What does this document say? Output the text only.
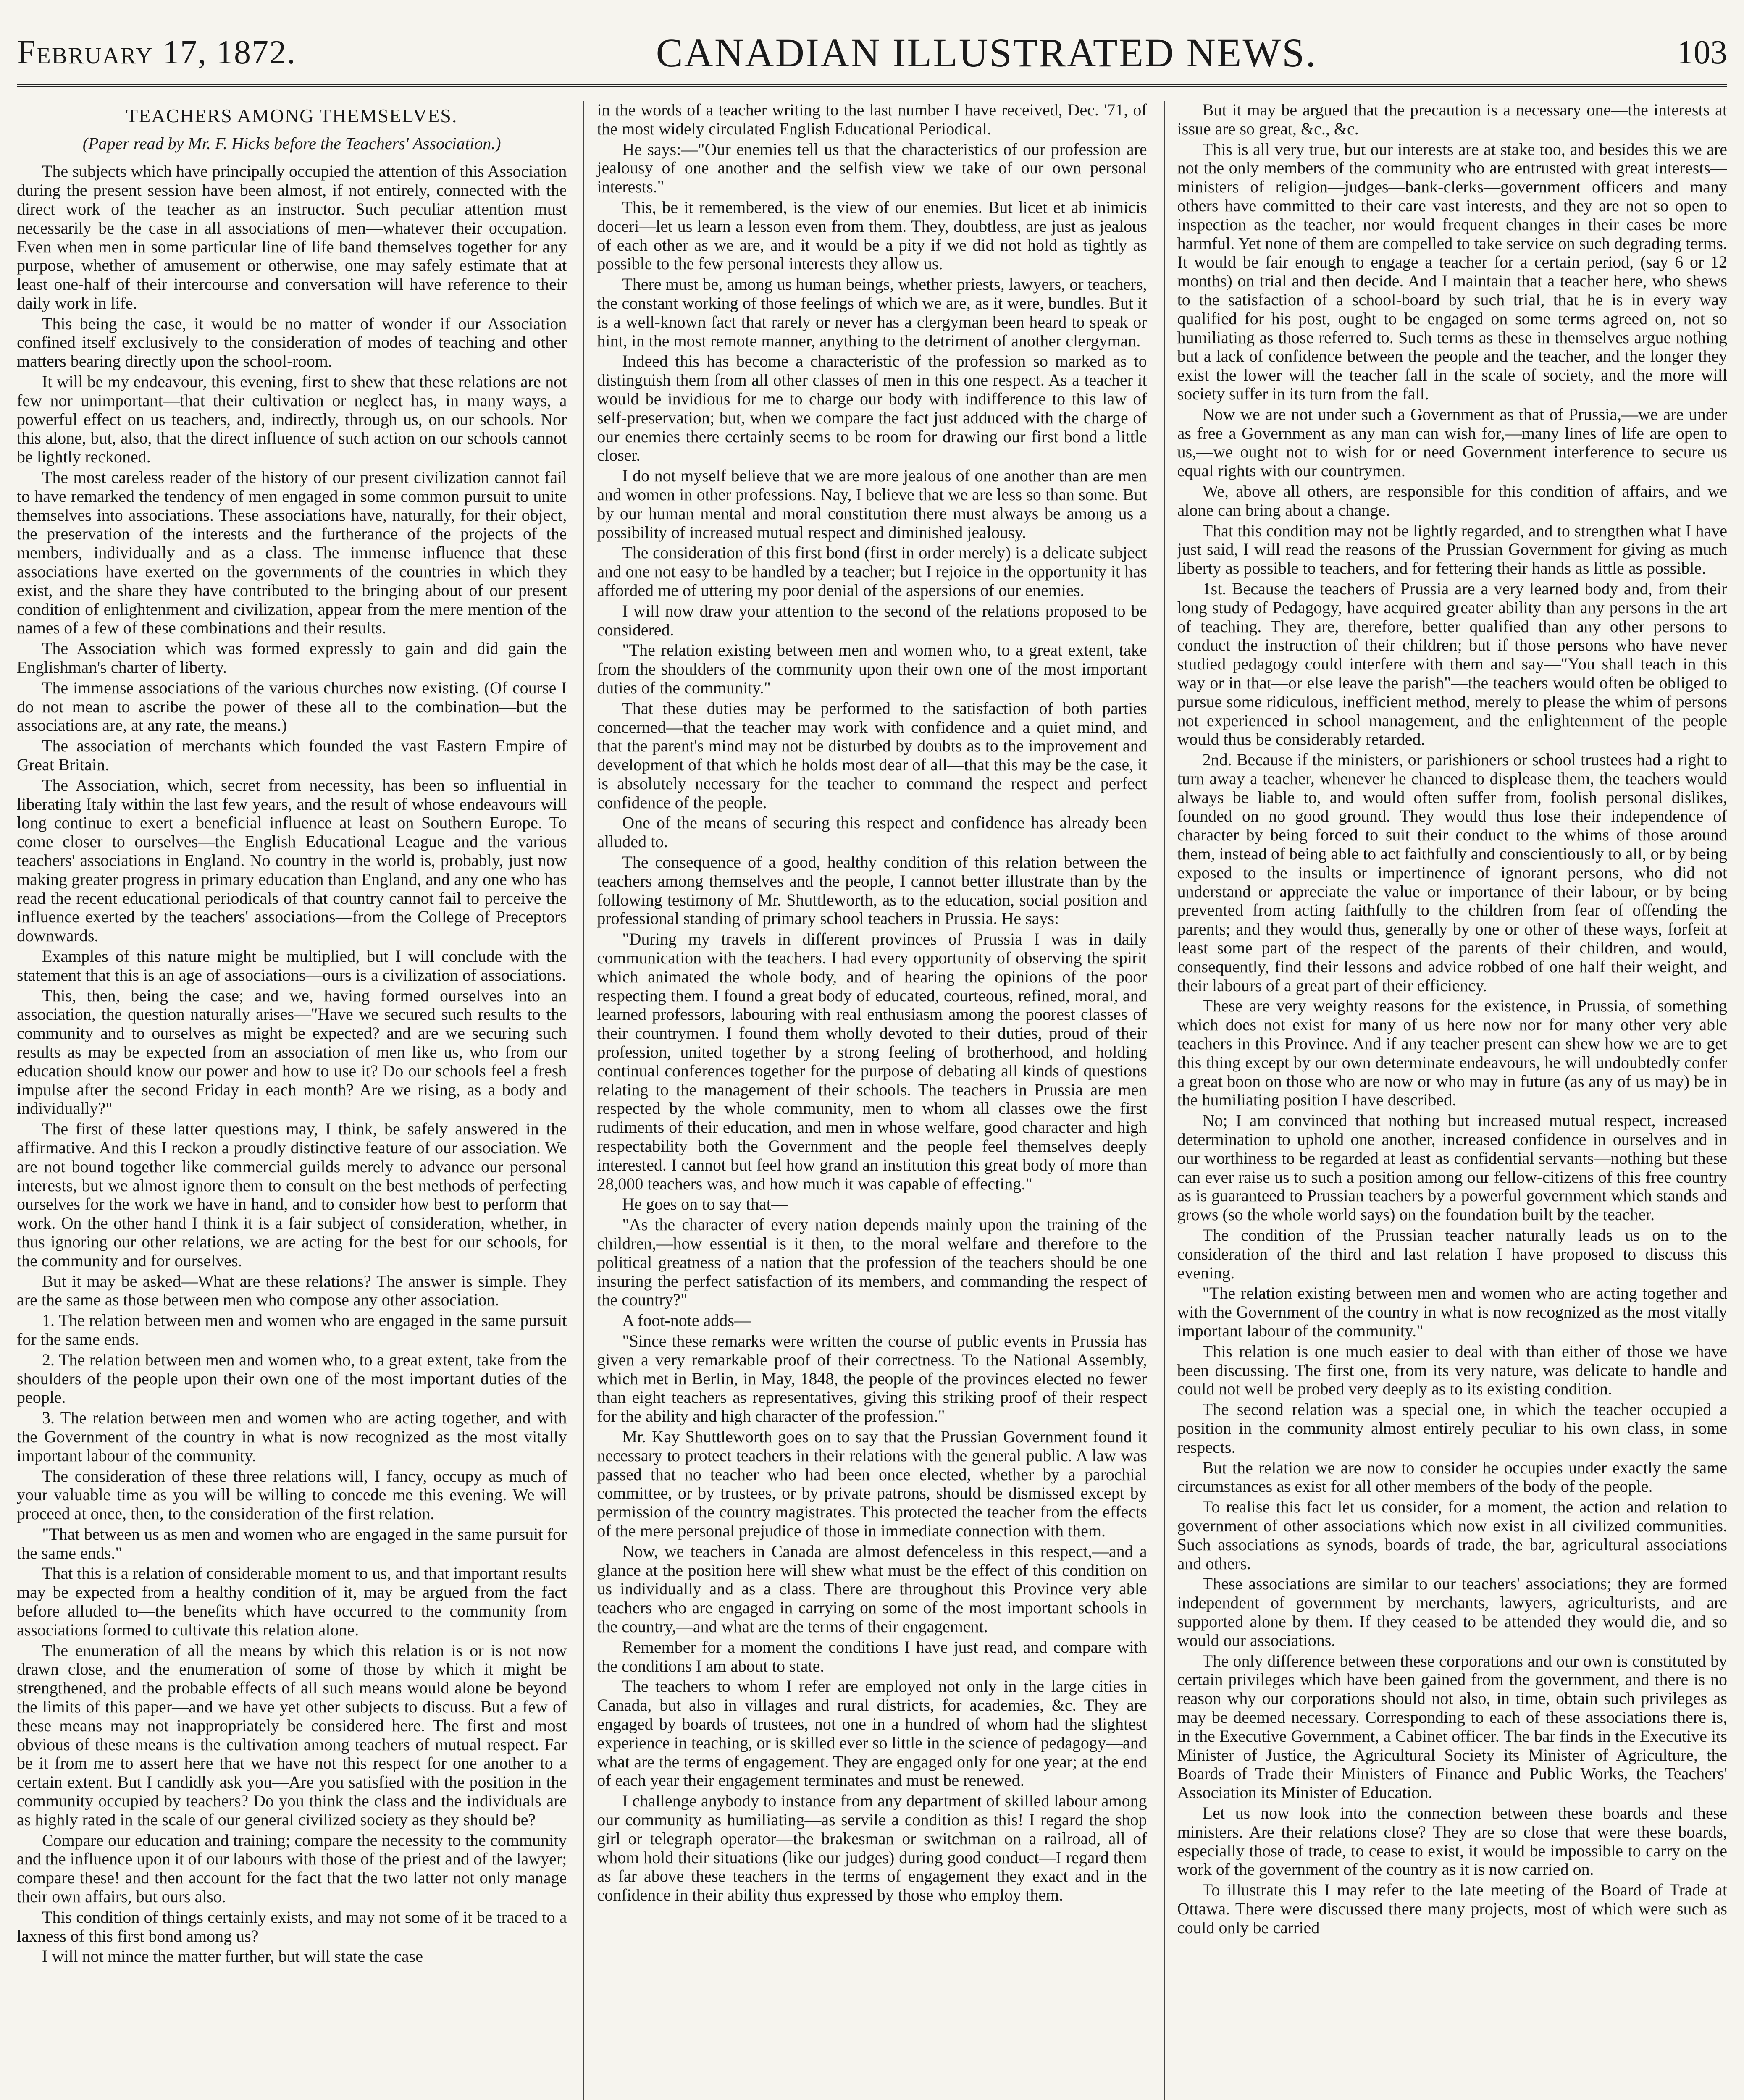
February 17, 1872.	CANADIAN ILLUSTRATED NEWS.	103
TEACHERS AMONG THEMSELVES.
(Paper read by Mr. F. Hicks before the Teachers' Association.)

The subjects which have principally occupied the attention of this Association during the present session have been almost, if not entirely, connected with the direct work of the teacher as an instructor. Such peculiar attention must necessarily be the case in all associations of men—whatever their occupation. Even when men in some particular line of life band themselves together for any purpose, whether of amusement or otherwise, one may safely estimate that at least one-half of their intercourse and conversation will have reference to their daily work in life.

This being the case, it would be no matter of wonder if our Association confined itself exclusively to the consideration of modes of teaching and other matters bearing directly upon the school-room.

It will be my endeavour, this evening, first to shew that these relations are not few nor unimportant—that their cultivation or neglect has, in many ways, a powerful effect on us teachers, and, indirectly, through us, on our schools. Nor this alone, but, also, that the direct influence of such action on our schools cannot be lightly reckoned.

The most careless reader of the history of our present civilization cannot fail to have remarked the tendency of men engaged in some common pursuit to unite themselves into associations. These associations have, naturally, for their object, the preservation of the interests and the furtherance of the projects of the members, individually and as a class. The immense influence that these associations have exerted on the governments of the countries in which they exist, and the share they have contributed to the bringing about of our present condition of enlightenment and civilization, appear from the mere mention of the names of a few of these combinations and their results.

The Association which was formed expressly to gain and did gain the Englishman's charter of liberty.

The immense associations of the various churches now existing. (Of course I do not mean to ascribe the power of these all to the combination—but the associations are, at any rate, the means.)

The association of merchants which founded the vast Eastern Empire of Great Britain.

The Association, which, secret from necessity, has been so influential in liberating Italy within the last few years, and the result of whose endeavours will long continue to exert a beneficial influence at least on Southern Europe. To come closer to ourselves—the English Educational League and the various teachers' associations in England. No country in the world is, probably, just now making greater progress in primary education than England, and any one who has read the recent educational periodicals of that country cannot fail to perceive the influence exerted by the teachers' associations—from the College of Preceptors downwards.

Examples of this nature might be multiplied, but I will conclude with the statement that this is an age of associations—ours is a civilization of associations.

This, then, being the case; and we, having formed ourselves into an association, the question naturally arises—"Have we secured such results to the community and to ourselves as might be expected? and are we securing such results as may be expected from an association of men like us, who from our education should know our power and how to use it? Do our schools feel a fresh impulse after the second Friday in each month? Are we rising, as a body and individually?"

The first of these latter questions may, I think, be safely answered in the affirmative. And this I reckon a proudly distinctive feature of our association. We are not bound together like commercial guilds merely to advance our personal interests, but we almost ignore them to consult on the best methods of perfecting ourselves for the work we have in hand, and to consider how best to perform that work. On the other hand I think it is a fair subject of consideration, whether, in thus ignoring our other relations, we are acting for the best for our schools, for the community and for ourselves.

But it may be asked—What are these relations? The answer is simple. They are the same as those between men who compose any other association.

1. The relation between men and women who are engaged in the same pursuit for the same ends.

2. The relation between men and women who, to a great extent, take from the shoulders of the people upon their own one of the most important duties of the people.

3. The relation between men and women who are acting together, and with the Government of the country in what is now recognized as the most vitally important labour of the community.

The consideration of these three relations will, I fancy, occupy as much of your valuable time as you will be willing to concede me this evening. We will proceed at once, then, to the consideration of the first relation.

"That between us as men and women who are engaged in the same pursuit for the same ends."

That this is a relation of considerable moment to us, and that important results may be expected from a healthy condition of it, may be argued from the fact before alluded to—the benefits which have occurred to the community from associations formed to cultivate this relation alone.

The enumeration of all the means by which this relation is or is not now drawn close, and the enumeration of some of those by which it might be strengthened, and the probable effects of all such means would alone be beyond the limits of this paper—and we have yet other subjects to discuss. But a few of these means may not inappropriately be considered here. The first and most obvious of these means is the cultivation among teachers of mutual respect. Far be it from me to assert here that we have not this respect for one another to a certain extent. But I candidly ask you—Are you satisfied with the position in the community occupied by teachers? Do you think the class and the individuals are as highly rated in the scale of our general civilized society as they should be?

Compare our education and training; compare the necessity to the community and the influence upon it of our labours with those of the priest and of the lawyer; compare these! and then account for the fact that the two latter not only manage their own affairs, but ours also.

This condition of things certainly exists, and may not some of it be traced to a laxness of this first bond among us?

I will not mince the matter further, but will state the case

in the words of a teacher writing to the last number I have received, Dec. '71, of the most widely circulated English Educational Periodical.

He says:—"Our enemies tell us that the characteristics of our profession are jealousy of one another and the selfish view we take of our own personal interests."

This, be it remembered, is the view of our enemies. But licet et ab inimicis doceri—let us learn a lesson even from them. They, doubtless, are just as jealous of each other as we are, and it would be a pity if we did not hold as tightly as possible to the few personal interests they allow us.

There must be, among us human beings, whether priests, lawyers, or teachers, the constant working of those feelings of which we are, as it were, bundles. But it is a well-known fact that rarely or never has a clergyman been heard to speak or hint, in the most remote manner, anything to the detriment of another clergyman.

Indeed this has become a characteristic of the profession so marked as to distinguish them from all other classes of men in this one respect. As a teacher it would be invidious for me to charge our body with indifference to this law of self-preservation; but, when we compare the fact just adduced with the charge of our enemies there certainly seems to be room for drawing our first bond a little closer.

I do not myself believe that we are more jealous of one another than are men and women in other professions. Nay, I believe that we are less so than some. But by our human mental and moral constitution there must always be among us a possibility of increased mutual respect and diminished jealousy.

The consideration of this first bond (first in order merely) is a delicate subject and one not easy to be handled by a teacher; but I rejoice in the opportunity it has afforded me of uttering my poor denial of the aspersions of our enemies.

I will now draw your attention to the second of the relations proposed to be considered.

"The relation existing between men and women who, to a great extent, take from the shoulders of the community upon their own one of the most important duties of the community."

That these duties may be performed to the satisfaction of both parties concerned—that the teacher may work with confidence and a quiet mind, and that the parent's mind may not be disturbed by doubts as to the improvement and development of that which he holds most dear of all—that this may be the case, it is absolutely necessary for the teacher to command the respect and perfect confidence of the people.

One of the means of securing this respect and confidence has already been alluded to.

The consequence of a good, healthy condition of this relation between the teachers among themselves and the people, I cannot better illustrate than by the following testimony of Mr. Shuttleworth, as to the education, social position and professional standing of primary school teachers in Prussia. He says:

"During my travels in different provinces of Prussia I was in daily communication with the teachers. I had every opportunity of observing the spirit which animated the whole body, and of hearing the opinions of the poor respecting them. I found a great body of educated, courteous, refined, moral, and learned professors, labouring with real enthusiasm among the poorest classes of their countrymen. I found them wholly devoted to their duties, proud of their profession, united together by a strong feeling of brotherhood, and holding continual conferences together for the purpose of debating all kinds of questions relating to the management of their schools. The teachers in Prussia are men respected by the whole community, men to whom all classes owe the first rudiments of their education, and men in whose welfare, good character and high respectability both the Government and the people feel themselves deeply interested. I cannot but feel how grand an institution this great body of more than 28,000 teachers was, and how much it was capable of effecting."

He goes on to say that—

"As the character of every nation depends mainly upon the training of the children,—how essential is it then, to the moral welfare and therefore to the political greatness of a nation that the profession of the teachers should be one insuring the perfect satisfaction of its members, and commanding the respect of the country?"

A foot-note adds—

"Since these remarks were written the course of public events in Prussia has given a very remarkable proof of their correctness. To the National Assembly, which met in Berlin, in May, 1848, the people of the provinces elected no fewer than eight teachers as representatives, giving this striking proof of their respect for the ability and high character of the profession."

Mr. Kay Shuttleworth goes on to say that the Prussian Government found it necessary to protect teachers in their relations with the general public. A law was passed that no teacher who had been once elected, whether by a parochial committee, or by trustees, or by private patrons, should be dismissed except by permission of the country magistrates. This protected the teacher from the effects of the mere personal prejudice of those in immediate connection with them.

Now, we teachers in Canada are almost defenceless in this respect,—and a glance at the position here will shew what must be the effect of this condition on us individually and as a class. There are throughout this Province very able teachers who are engaged in carrying on some of the most important schools in the country,—and what are the terms of their engagement.

Remember for a moment the conditions I have just read, and compare with the conditions I am about to state.

The teachers to whom I refer are employed not only in the large cities in Canada, but also in villages and rural districts, for academies, &c. They are engaged by boards of trustees, not one in a hundred of whom had the slightest experience in teaching, or is skilled ever so little in the science of pedagogy—and what are the terms of engagement. They are engaged only for one year; at the end of each year their engagement terminates and must be renewed.

I challenge anybody to instance from any department of skilled labour among our community as humiliating—as servile a condition as this! I regard the shop girl or telegraph operator—the brakesman or switchman on a railroad, all of whom hold their situations (like our judges) during good conduct—I regard them as far above these teachers in the terms of engagement they exact and in the confidence in their ability thus expressed by those who employ them.

But it may be argued that the precaution is a necessary one—the interests at issue are so great, &c., &c.

This is all very true, but our interests are at stake too, and besides this we are not the only members of the community who are entrusted with great interests—ministers of religion—judges—bank-clerks—government officers and many others have committed to their care vast interests, and they are not so open to inspection as the teacher, nor would frequent changes in their cases be more harmful. Yet none of them are compelled to take service on such degrading terms. It would be fair enough to engage a teacher for a certain period, (say 6 or 12 months) on trial and then decide. And I maintain that a teacher here, who shews to the satisfaction of a school-board by such trial, that he is in every way qualified for his post, ought to be engaged on some terms agreed on, not so humiliating as those referred to. Such terms as these in themselves argue nothing but a lack of confidence between the people and the teacher, and the longer they exist the lower will the teacher fall in the scale of society, and the more will society suffer in its turn from the fall.

Now we are not under such a Government as that of Prussia,—we are under as free a Government as any man can wish for,—many lines of life are open to us,—we ought not to wish for or need Government interference to secure us equal rights with our countrymen.

We, above all others, are responsible for this condition of affairs, and we alone can bring about a change.

That this condition may not be lightly regarded, and to strengthen what I have just said, I will read the reasons of the Prussian Government for giving as much liberty as possible to teachers, and for fettering their hands as little as possible.

1st. Because the teachers of Prussia are a very learned body and, from their long study of Pedagogy, have acquired greater ability than any persons in the art of teaching. They are, therefore, better qualified than any other persons to conduct the instruction of their children; but if those persons who have never studied pedagogy could interfere with them and say—"You shall teach in this way or in that—or else leave the parish"—the teachers would often be obliged to pursue some ridiculous, inefficient method, merely to please the whim of persons not experienced in school management, and the enlightenment of the people would thus be considerably retarded.

2nd. Because if the ministers, or parishioners or school trustees had a right to turn away a teacher, whenever he chanced to displease them, the teachers would always be liable to, and would often suffer from, foolish personal dislikes, founded on no good ground. They would thus lose their independence of character by being forced to suit their conduct to the whims of those around them, instead of being able to act faithfully and conscientiously to all, or by being exposed to the insults or impertinence of ignorant persons, who did not understand or appreciate the value or importance of their labour, or by being prevented from acting faithfully to the children from fear of offending the parents; and they would thus, generally by one or other of these ways, forfeit at least some part of the respect of the parents of their children, and would, consequently, find their lessons and advice robbed of one half their weight, and their labours of a great part of their efficiency.

These are very weighty reasons for the existence, in Prussia, of something which does not exist for many of us here now nor for many other very able teachers in this Province. And if any teacher present can shew how we are to get this thing except by our own determinate endeavours, he will undoubtedly confer a great boon on those who are now or who may in future (as any of us may) be in the humiliating position I have described.

No; I am convinced that nothing but increased mutual respect, increased determination to uphold one another, increased confidence in ourselves and in our worthiness to be regarded at least as confidential servants—nothing but these can ever raise us to such a position among our fellow-citizens of this free country as is guaranteed to Prussian teachers by a powerful government which stands and grows (so the whole world says) on the foundation built by the teacher.

The condition of the Prussian teacher naturally leads us on to the consideration of the third and last relation I have proposed to discuss this evening.

"The relation existing between men and women who are acting together and with the Government of the country in what is now recognized as the most vitally important labour of the community."

This relation is one much easier to deal with than either of those we have been discussing. The first one, from its very nature, was delicate to handle and could not well be probed very deeply as to its existing condition.

The second relation was a special one, in which the teacher occupied a position in the community almost entirely peculiar to his own class, in some respects.

But the relation we are now to consider he occupies under exactly the same circumstances as exist for all other members of the body of the people.

To realise this fact let us consider, for a moment, the action and relation to government of other associations which now exist in all civilized communities. Such associations as synods, boards of trade, the bar, agricultural associations and others.

These associations are similar to our teachers' associations; they are formed independent of government by merchants, lawyers, agriculturists, and are supported alone by them. If they ceased to be attended they would die, and so would our associations.

The only difference between these corporations and our own is constituted by certain privileges which have been gained from the government, and there is no reason why our corporations should not also, in time, obtain such privileges as may be deemed necessary. Corresponding to each of these associations there is, in the Executive Government, a Cabinet officer. The bar finds in the Executive its Minister of Justice, the Agricultural Society its Minister of Agriculture, the Boards of Trade their Ministers of Finance and Public Works, the Teachers' Association its Minister of Education.

Let us now look into the connection between these boards and these ministers. Are their relations close? They are so close that were these boards, especially those of trade, to cease to exist, it would be impossible to carry on the work of the government of the country as it is now carried on.

To illustrate this I may refer to the late meeting of the Board of Trade at Ottawa. There were discussed there many projects, most of which were such as could only be carried
